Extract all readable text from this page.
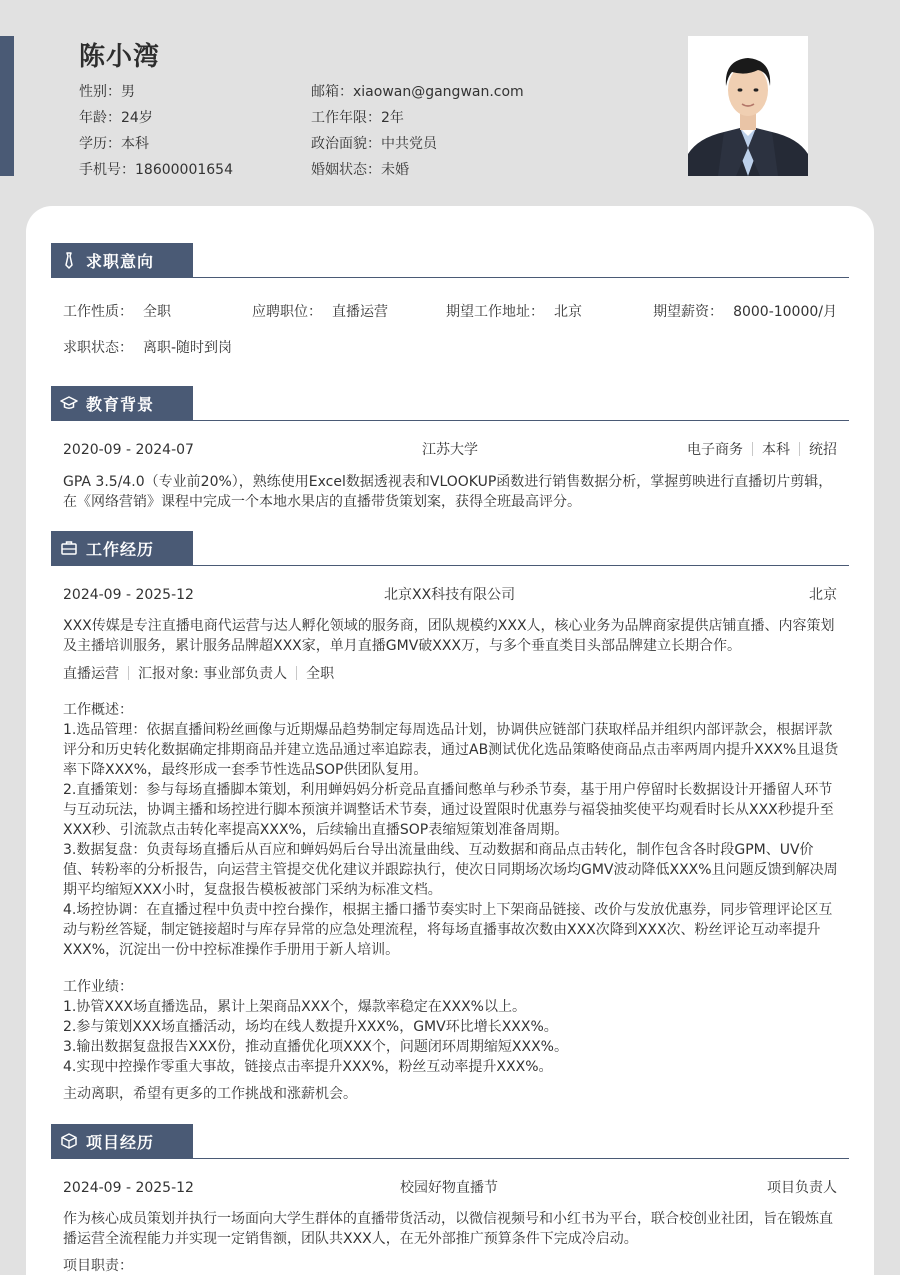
陈小湾
性别：男
年龄：24岁
学历：本科
手机号：18600001654
邮箱：xiaowan@gangwan.com
工作年限：2年
政治面貌：中共党员
婚姻状态：未婚
求职意向
工作性质： 全职	应聘职位： 直播运营	期望工作地址： 北京	期望薪资： 8000-10000/月
求职状态： 离职-随时到岗
教育背景
2020-09 - 2024-07	江苏大学	电子商务 本科 统招
GPA 3.5/4.0（专业前20%），熟练使用Excel数据透视表和VLOOKUP函数进行销售数据分析，掌握剪映进行直播切片剪辑，在《网络营销》课程中完成一个本地水果店的直播带货策划案，获得全班最高评分。
工作经历
2024-09 - 2025-12	北京XX科技有限公司	北京
XXX传媒是专注直播电商代运营与达人孵化领域的服务商，团队规模约XXX人，核心业务为品牌商家提供店铺直播、内容策划及主播培训服务，累计服务品牌超XXX家，单月直播GMV破XXX万，与多个垂直类目头部品牌建立长期合作。
直播运营 汇报对象: 事业部负责人 全职
工作概述：
1.选品管理：依据直播间粉丝画像与近期爆品趋势制定每周选品计划，协调供应链部门获取样品并组织内部评款会，根据评款评分和历史转化数据确定排期商品并建立选品通过率追踪表，通过AB测试优化选品策略使商品点击率两周内提升XXX%且退货率下降XXX%，最终形成一套季节性选品SOP供团队复用。
2.直播策划：参与每场直播脚本策划，利用蝉妈妈分析竞品直播间憋单与秒杀节奏，基于用户停留时长数据设计开播留人环节与互动玩法，协调主播和场控进行脚本预演并调整话术节奏，通过设置限时优惠券与福袋抽奖使平均观看时长从XXX秒提升至XXX秒、引流款点击转化率提高XXX%，后续输出直播SOP表缩短策划准备周期。
3.数据复盘：负责每场直播后从百应和蝉妈妈后台导出流量曲线、互动数据和商品点击转化，制作包含各时段GPM、UV价值、转粉率的分析报告，向运营主管提交优化建议并跟踪执行，使次日同期场次场均GMV波动降低XXX%且问题反馈到解决周期平均缩短XXX小时，复盘报告模板被部门采纳为标准文档。
4.场控协调：在直播过程中负责中控台操作，根据主播口播节奏实时上下架商品链接、改价与发放优惠券，同步管理评论区互动与粉丝答疑，制定链接超时与库存异常的应急处理流程，将每场直播事故次数由XXX次降到XXX次、粉丝评论互动率提升XXX%，沉淀出一份中控标准操作手册用于新人培训。
工作业绩：
1.协管XXX场直播选品，累计上架商品XXX个，爆款率稳定在XXX%以上。
2.参与策划XXX场直播活动，场均在线人数提升XXX%，GMV环比增长XXX%。
3.输出数据复盘报告XXX份，推动直播优化项XXX个，问题闭环周期缩短XXX%。
4.实现中控操作零重大事故，链接点击率提升XXX%，粉丝互动率提升XXX%。
主动离职，希望有更多的工作挑战和涨薪机会。
项目经历
2024-09 - 2025-12	校园好物直播节	项目负责人
作为核心成员策划并执行一场面向大学生群体的直播带货活动，以微信视频号和小红书为平台，联合校创业社团，旨在锻炼直播运营全流程能力并实现一定销售额，团队共XXX人，在无外部推广预算条件下完成冷启动。
项目职责：
